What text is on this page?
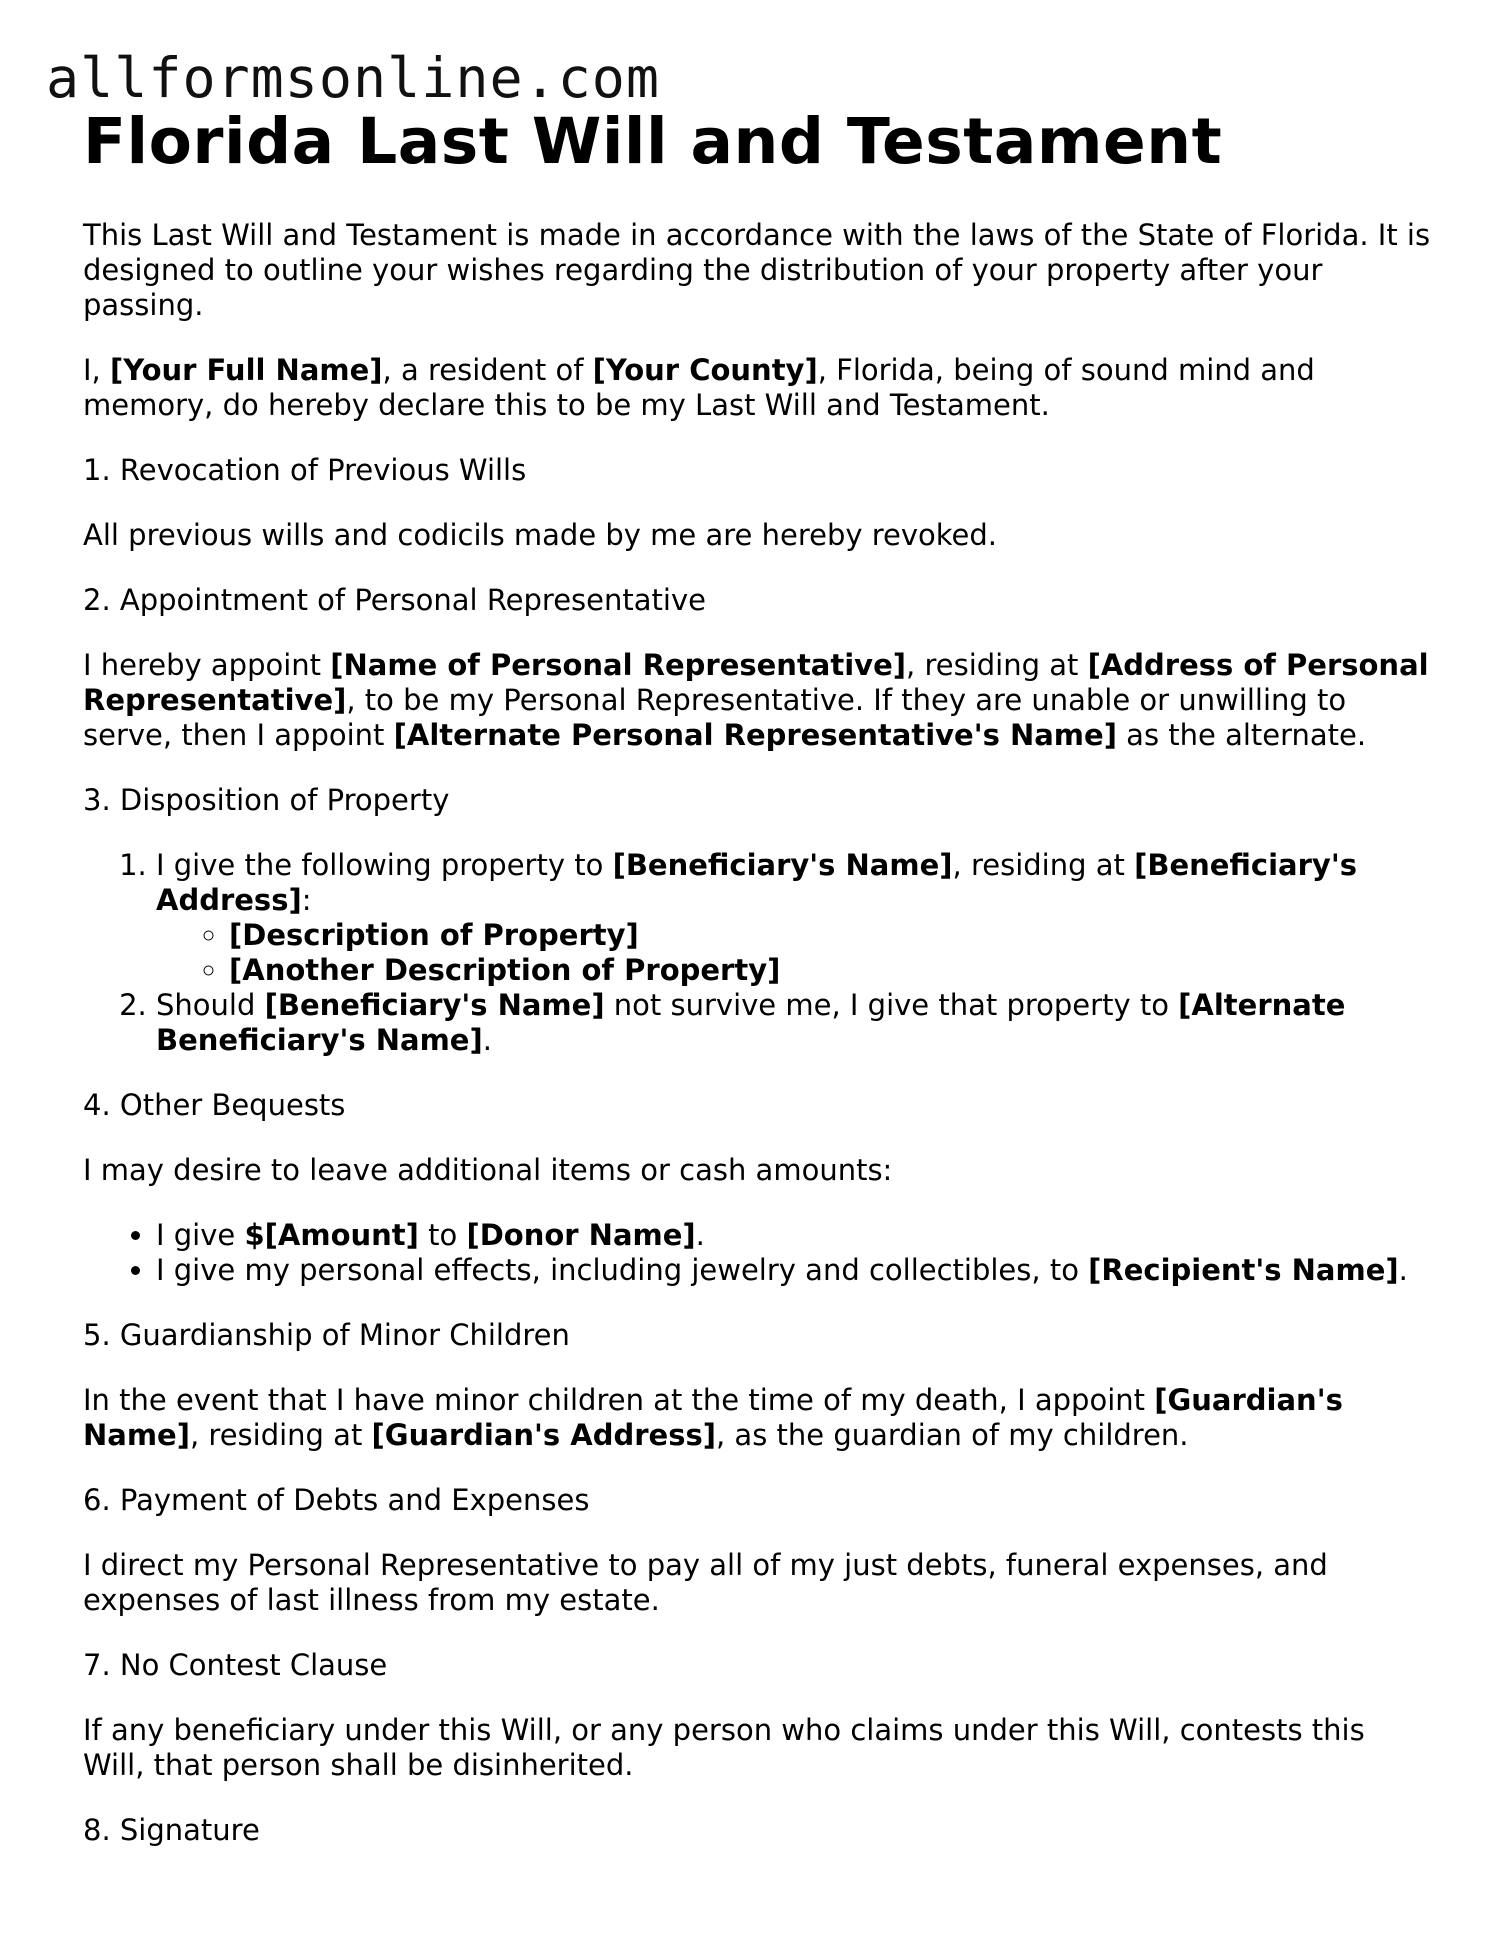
allformsonline.com
Florida Last Will and Testament

This Last Will and Testament is made in accordance with the laws of the State of Florida. It is designed to outline your wishes regarding the distribution of your property after your passing.

I, [Your Full Name], a resident of [Your County], Florida, being of sound mind and memory, do hereby declare this to be my Last Will and Testament.

1. Revocation of Previous Wills

All previous wills and codicils made by me are hereby revoked.

2. Appointment of Personal Representative

I hereby appoint [Name of Personal Representative], residing at [Address of Personal Representative], to be my Personal Representative. If they are unable or unwilling to serve, then I appoint [Alternate Personal Representative's Name] as the alternate.

3. Disposition of Property

1. I give the following property to [Beneficiary's Name], residing at [Beneficiary's Address]:
◦ [Description of Property]
◦ [Another Description of Property]
2. Should [Beneficiary's Name] not survive me, I give that property to [Alternate Beneficiary's Name].

4. Other Bequests

I may desire to leave additional items or cash amounts:

• I give $[Amount] to [Donor Name].
• I give my personal effects, including jewelry and collectibles, to [Recipient's Name].

5. Guardianship of Minor Children

In the event that I have minor children at the time of my death, I appoint [Guardian's Name], residing at [Guardian's Address], as the guardian of my children.

6. Payment of Debts and Expenses

I direct my Personal Representative to pay all of my just debts, funeral expenses, and expenses of last illness from my estate.

7. No Contest Clause

If any beneficiary under this Will, or any person who claims under this Will, contests this Will, that person shall be disinherited.

8. Signature
